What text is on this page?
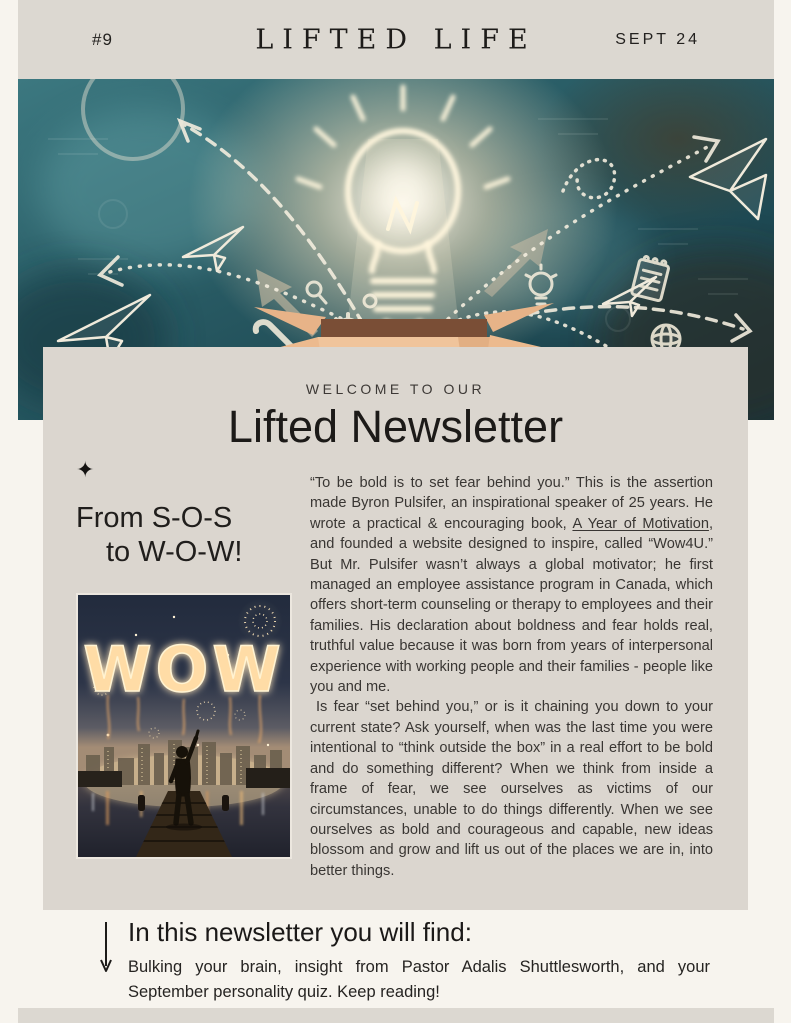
#9	LIFTED LIFE	SEPT 24
WELCOME TO OUR
Lifted Newsletter
✦
From S-O-S
to W-O-W!
WOW

“To be bold is to set fear behind you.” This is the assertion made Byron Pulsifer, an inspirational speaker of 25 years. He wrote a practical & encouraging book, A Year of Motivation, and founded a website designed to inspire, called “Wow4U.” But Mr. Pulsifer wasn’t always a global motivator; he first managed an employee assistance program in Canada, which offers short-term counseling or therapy to employees and their families. His declaration about boldness and fear holds real, truthful value because it was born from years of interpersonal experience with working people and their families - people like you and me.

Is fear “set behind you,” or is it chaining you down to your current state? Ask yourself, when was the last time you were intentional to “think outside the box” in a real effort to be bold and do something different? When we think from inside a frame of fear, we see ourselves as victims of our circumstances, unable to do things differently. When we see ourselves as bold and courageous and capable, new ideas blossom and grow and lift us out of the places we are in, into better things.

In this newsletter you will find:
Bulking your brain, insight from Pastor Adalis Shuttlesworth, and your September personality quiz. Keep reading!
